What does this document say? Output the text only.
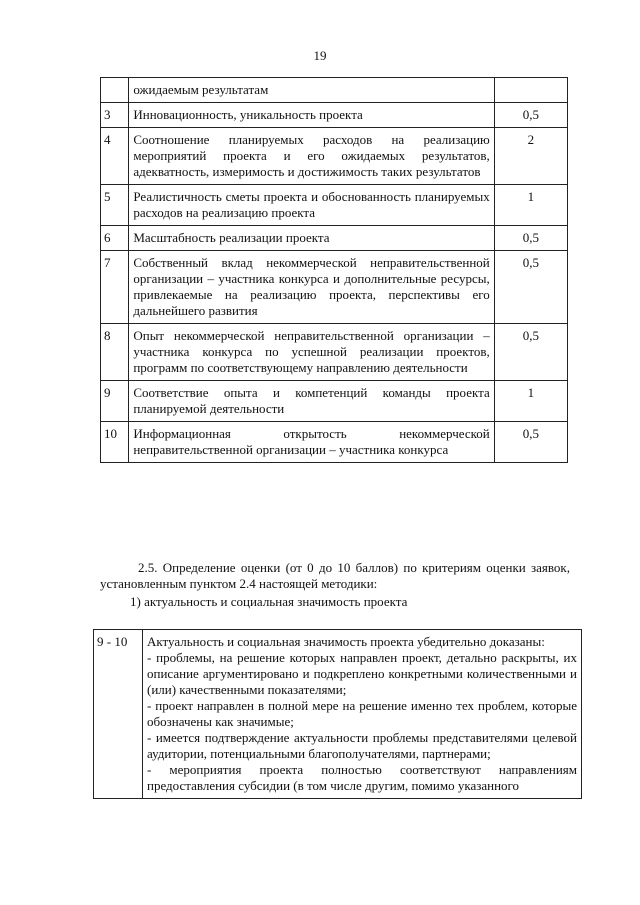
19
	ожидаемым результатам	
3	Инновационность, уникальность проекта	0,5
4	Соотношение планируемых расходов на реализацию мероприятий проекта и его ожидаемых результатов, адекватность, измеримость и достижимость таких результатов	2
5	Реалистичность сметы проекта и обоснованность планируемых расходов на реализацию проекта	1
6	Масштабность реализации проекта	0,5
7	Собственный вклад некоммерческой неправительственной организации – участника конкурса и дополнительные ресурсы, привлекаемые на реализацию проекта, перспективы его дальнейшего развития	0,5
8	Опыт некоммерческой неправительственной организации – участника конкурса по успешной реализации проектов, программ по соответствующему направлению деятельности	0,5
9	Соответствие опыта и компетенций команды проекта планируемой деятельности	1
10	Информационная открытость некоммерческой неправительственной организации – участника конкурса	0,5
2.5. Определение оценки (от 0 до 10 баллов) по критериям оценки заявок, установленным пунктом 2.4 настоящей методики:
1) актуальность и социальная значимость проекта
9 - 10	Актуальность и социальная значимость проекта убедительно доказаны:
- проблемы, на решение которых направлен проект, детально раскрыты, их описание аргументировано и подкреплено конкретными количественными и (или) качественными показателями;
- проект направлен в полной мере на решение именно тех проблем, которые обозначены как значимые;
- имеется подтверждение актуальности проблемы представителями целевой аудитории, потенциальными благополучателями, партнерами;
- мероприятия проекта полностью соответствуют направлениям предоставления субсидии (в том числе другим, помимо указанного
